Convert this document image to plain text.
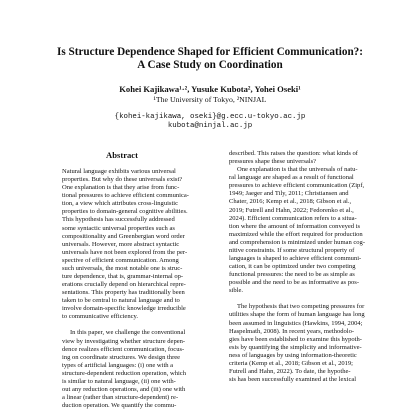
Is Structure Dependence Shaped for Efficient Communication?:
A Case Study on Coordination
Kohei Kajikawa¹·², Yusuke Kubota², Yohei Oseki¹
¹The University of Tokyo, ²NINJAL
{kohei-kajikawa, oseki}@g.ecc.u-tokyo.ac.jp
kubota@ninjal.ac.jp
Abstract
Natural language exhibits various universal
properties. But why do these universals exist?
One explanation is that they arise from func-
tional pressures to achieve efficient communica-
tion, a view which attributes cross-linguistic
properties to domain-general cognitive abilities.
This hypothesis has successfully addressed
some syntactic universal properties such as
compositionality and Greenbergian word order
universals. However, more abstract syntactic
universals have not been explored from the per-
spective of efficient communication. Among
such universals, the most notable one is struc-
ture dependence, that is, grammar-internal op-
erations crucially depend on hierarchical repre-
sentations. This property has traditionally been
taken to be central to natural language and to
involve domain-specific knowledge irreducible
to communicative efficiency.
In this paper, we challenge the conventional
view by investigating whether structure depen-
dence realizes efficient communication, focus-
ing on coordinate structures. We design three
types of artificial languages: (i) one with a
structure-dependent reduction operation, which
is similar to natural language, (ii) one with-
out any reduction operations, and (iii) one with
a linear (rather than structure-dependent) re-
duction operation. We quantify the commu-
described. This raises the question: what kinds of
pressures shape these universals?
One explanation is that the universals of natu-
ral language are shaped as a result of functional
pressures to achieve efficient communication (Zipf,
1949; Jaeger and Tily, 2011; Christiansen and
Chater, 2016; Kemp et al., 2018; Gibson et al.,
2019; Futrell and Hahn, 2022; Fedorenko et al.,
2024). Efficient communication refers to a situa-
tion where the amount of information conveyed is
maximized while the effort required for production
and comprehension is minimized under human cog-
nitive constraints. If some structural property of
languages is shaped to achieve efficient communi-
cation, it can be optimized under two competing
functional pressures: the need to be as simple as
possible and the need to be as informative as pos-
sible.
The hypothesis that two competing pressures for
utilities shape the form of human language has long
been assumed in linguistics (Hawkins, 1994, 2004;
Haspelmath, 2008). In recent years, methodolo-
gies have been established to examine this hypoth-
esis by quantifying the simplicity and informative-
ness of languages by using information-theoretic
criteria (Kemp et al., 2018; Gibson et al., 2019;
Futrell and Hahn, 2022). To date, the hypothe-
sis has been successfully examined at the lexical
